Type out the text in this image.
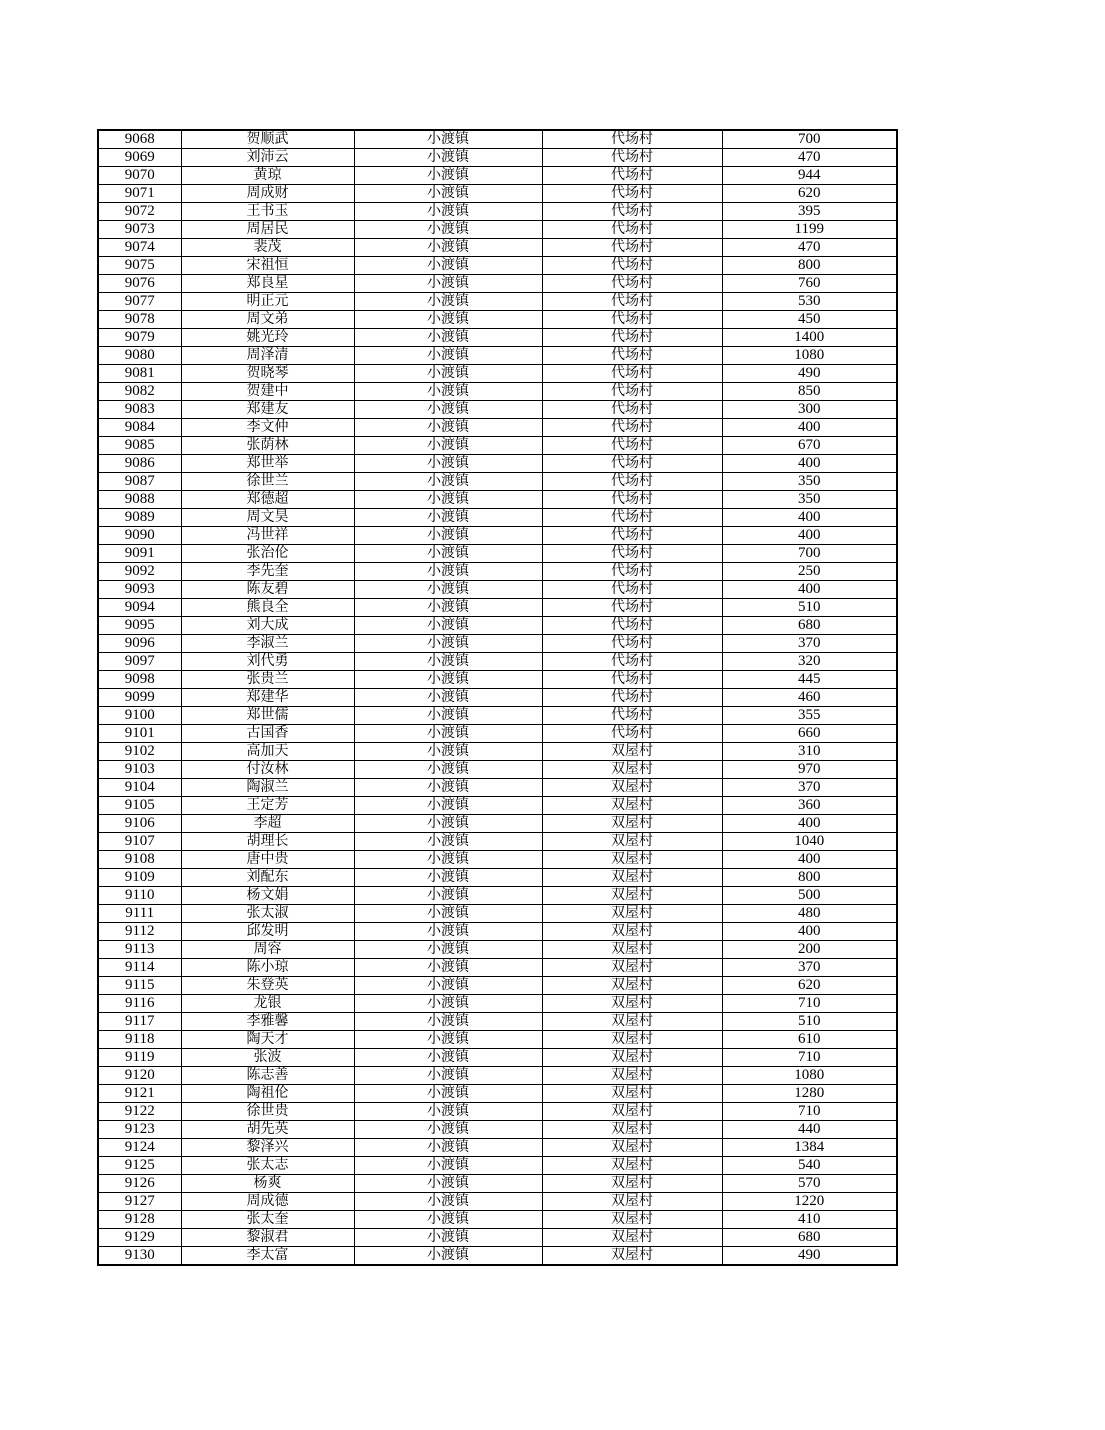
9068	贺顺武	小渡镇	代场村	700
9069	刘沛云	小渡镇	代场村	470
9070	黄琼	小渡镇	代场村	944
9071	周成财	小渡镇	代场村	620
9072	王书玉	小渡镇	代场村	395
9073	周居民	小渡镇	代场村	1199
9074	裴茂	小渡镇	代场村	470
9075	宋祖恒	小渡镇	代场村	800
9076	郑良星	小渡镇	代场村	760
9077	明正元	小渡镇	代场村	530
9078	周文弟	小渡镇	代场村	450
9079	姚光玲	小渡镇	代场村	1400
9080	周泽清	小渡镇	代场村	1080
9081	贺晓琴	小渡镇	代场村	490
9082	贺建中	小渡镇	代场村	850
9083	郑建友	小渡镇	代场村	300
9084	李文仲	小渡镇	代场村	400
9085	张荫林	小渡镇	代场村	670
9086	郑世举	小渡镇	代场村	400
9087	徐世兰	小渡镇	代场村	350
9088	郑德超	小渡镇	代场村	350
9089	周文昊	小渡镇	代场村	400
9090	冯世祥	小渡镇	代场村	400
9091	张治伦	小渡镇	代场村	700
9092	李先奎	小渡镇	代场村	250
9093	陈友碧	小渡镇	代场村	400
9094	熊良全	小渡镇	代场村	510
9095	刘大成	小渡镇	代场村	680
9096	李淑兰	小渡镇	代场村	370
9097	刘代勇	小渡镇	代场村	320
9098	张贵兰	小渡镇	代场村	445
9099	郑建华	小渡镇	代场村	460
9100	郑世儒	小渡镇	代场村	355
9101	古国香	小渡镇	代场村	660
9102	高加天	小渡镇	双屋村	310
9103	付汝林	小渡镇	双屋村	970
9104	陶淑兰	小渡镇	双屋村	370
9105	王定芳	小渡镇	双屋村	360
9106	李超	小渡镇	双屋村	400
9107	胡理长	小渡镇	双屋村	1040
9108	唐中贵	小渡镇	双屋村	400
9109	刘配东	小渡镇	双屋村	800
9110	杨文娟	小渡镇	双屋村	500
9111	张太淑	小渡镇	双屋村	480
9112	邱发明	小渡镇	双屋村	400
9113	周容	小渡镇	双屋村	200
9114	陈小琼	小渡镇	双屋村	370
9115	朱登英	小渡镇	双屋村	620
9116	龙银	小渡镇	双屋村	710
9117	李雅馨	小渡镇	双屋村	510
9118	陶天才	小渡镇	双屋村	610
9119	张波	小渡镇	双屋村	710
9120	陈志善	小渡镇	双屋村	1080
9121	陶祖伦	小渡镇	双屋村	1280
9122	徐世贵	小渡镇	双屋村	710
9123	胡先英	小渡镇	双屋村	440
9124	黎泽兴	小渡镇	双屋村	1384
9125	张太志	小渡镇	双屋村	540
9126	杨爽	小渡镇	双屋村	570
9127	周成德	小渡镇	双屋村	1220
9128	张太奎	小渡镇	双屋村	410
9129	黎淑君	小渡镇	双屋村	680
9130	李太富	小渡镇	双屋村	490
